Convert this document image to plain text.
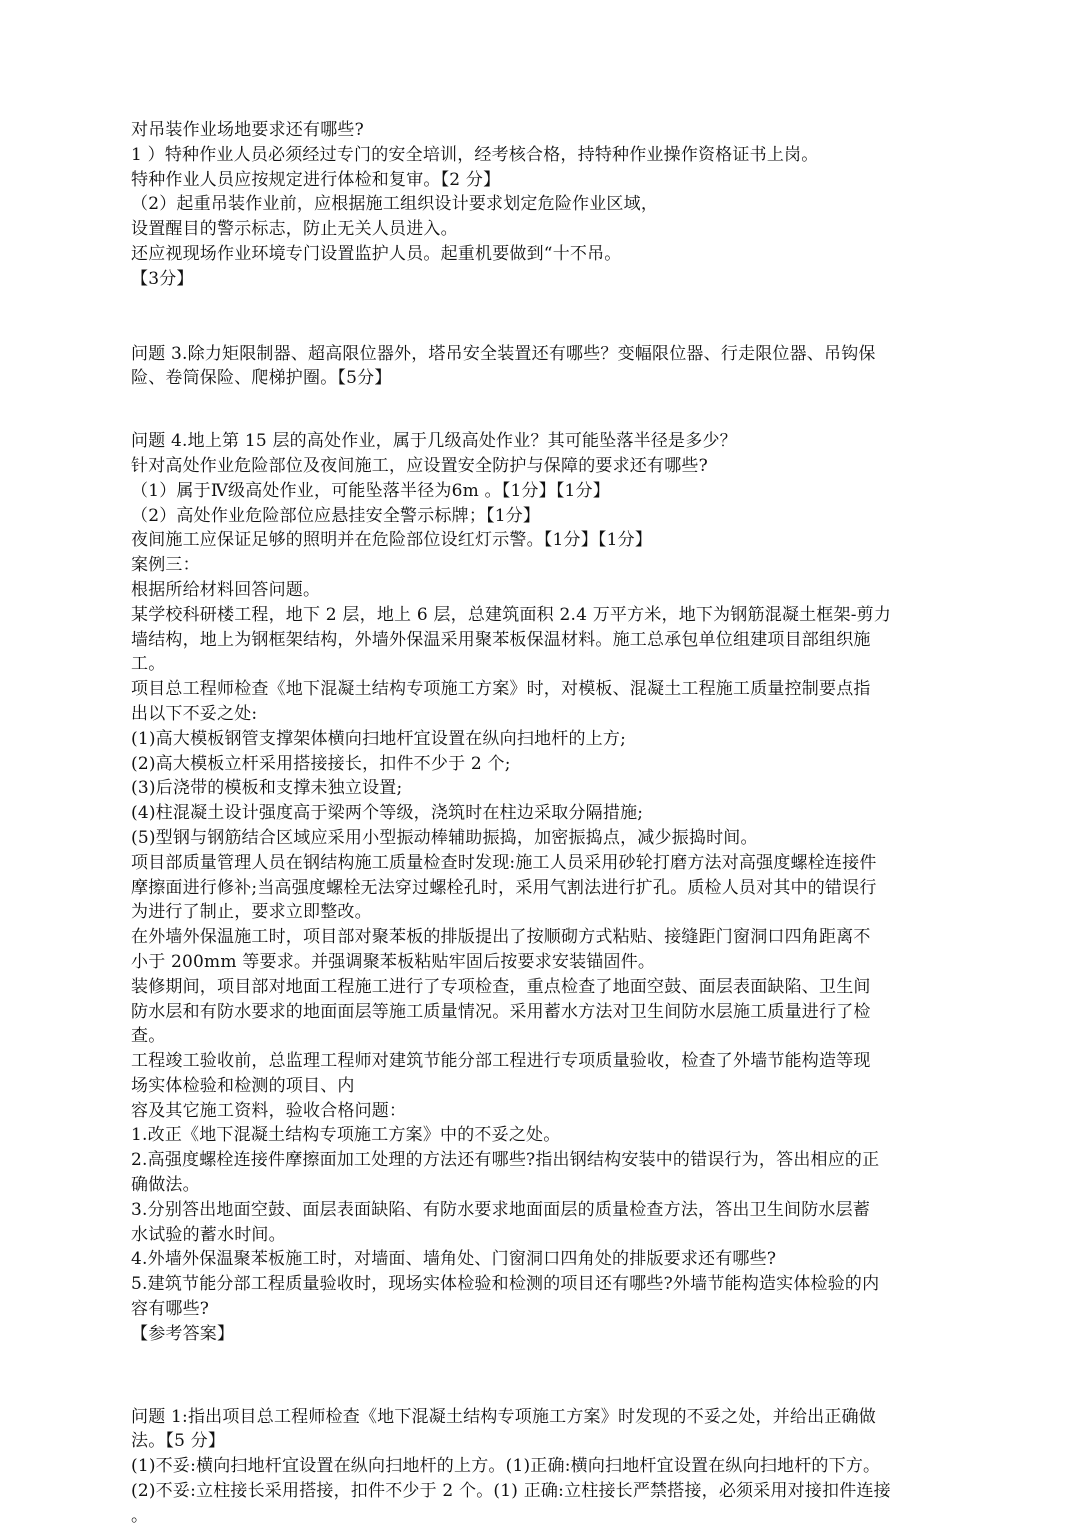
对吊装作业场地要求还有哪些?
1 ）特种作业人员必须经过专门的安全培训，经考核合格，持特种作业操作资格证书上岗。
特种作业人员应按规定进行体检和复审。【2 分】
（2）起重吊装作业前，应根据施工组织设计要求划定危险作业区域，
设置醒目的警示标志，防止无关人员进入。
还应视现场作业环境专门设置监护人员。起重机要做到“十不吊。
【3分】
问题 3.除力矩限制器、超高限位器外，塔吊安全装置还有哪些？变幅限位器、行走限位器、吊钩保
险、卷筒保险、爬梯护圈。【5分】
问题 4.地上第 15 层的高处作业，属于几级高处作业？其可能坠落半径是多少？
针对高处作业危险部位及夜间施工，应设置安全防护与保障的要求还有哪些?
（1）属于Ⅳ级高处作业，可能坠落半径为6m 。【1分】【1分】
（2）高处作业危险部位应悬挂安全警示标牌；【1分】
夜间施工应保证足够的照明并在危险部位设红灯示警。【1分】【1分】
案例三：
根据所给材料回答问题。
某学校科研楼工程，地下 2 层，地上 6 层，总建筑面积 2.4 万平方米，地下为钢筋混凝土框架-剪力
墙结构，地上为钢框架结构，外墙外保温采用聚苯板保温材料。施工总承包单位组建项目部组织施
工。
项目总工程师检查《地下混凝土结构专项施工方案》时，对模板、混凝土工程施工质量控制要点指
出以下不妥之处:
(1)高大模板钢管支撑架体横向扫地杆宜设置在纵向扫地杆的上方;
(2)高大模板立杆采用搭接接长，扣件不少于 2 个;
(3)后浇带的模板和支撑未独立设置;
(4)柱混凝土设计强度高于梁两个等级，浇筑时在柱边采取分隔措施;
(5)型钢与钢筋结合区域应采用小型振动棒辅助振捣，加密振捣点，减少振捣时间。
项目部质量管理人员在钢结构施工质量检查时发现:施工人员采用砂轮打磨方法对高强度螺栓连接件
摩擦面进行修补;当高强度螺栓无法穿过螺栓孔时，采用气割法进行扩孔。质检人员对其中的错误行
为进行了制止，要求立即整改。
在外墙外保温施工时，项目部对聚苯板的排版提出了按顺砌方式粘贴、接缝距门窗洞口四角距离不
小于 200mm 等要求。并强调聚苯板粘贴牢固后按要求安装锚固件。
装修期间，项目部对地面工程施工进行了专项检查，重点检查了地面空鼓、面层表面缺陷、卫生间
防水层和有防水要求的地面面层等施工质量情况。采用蓄水方法对卫生间防水层施工质量进行了检
查。
工程竣工验收前，总监理工程师对建筑节能分部工程进行专项质量验收，检查了外墙节能构造等现
场实体检验和检测的项目、内
容及其它施工资料，验收合格问题：
1.改正《地下混凝土结构专项施工方案》中的不妥之处。
2.高强度螺栓连接件摩擦面加工处理的方法还有哪些?指出钢结构安装中的错误行为，答出相应的正
确做法。
3.分别答出地面空鼓、面层表面缺陷、有防水要求地面面层的质量检查方法，答出卫生间防水层蓄
水试验的蓄水时间。
4.外墙外保温聚苯板施工时，对墙面、墙角处、门窗洞口四角处的排版要求还有哪些?
5.建筑节能分部工程质量验收时，现场实体检验和检测的项目还有哪些?外墙节能构造实体检验的内
容有哪些?
【参考答案】
问题 1:指出项目总工程师检查《地下混凝土结构专项施工方案》时发现的不妥之处，并给出正确做
法。【5 分】
(1)不妥:横向扫地杆宜设置在纵向扫地杆的上方。(1)正确:横向扫地杆宜设置在纵向扫地杆的下方。
(2)不妥:立柱接长采用搭接，扣件不少于 2 个。(1) 正确:立柱接长严禁搭接，必须采用对接扣件连接
。
